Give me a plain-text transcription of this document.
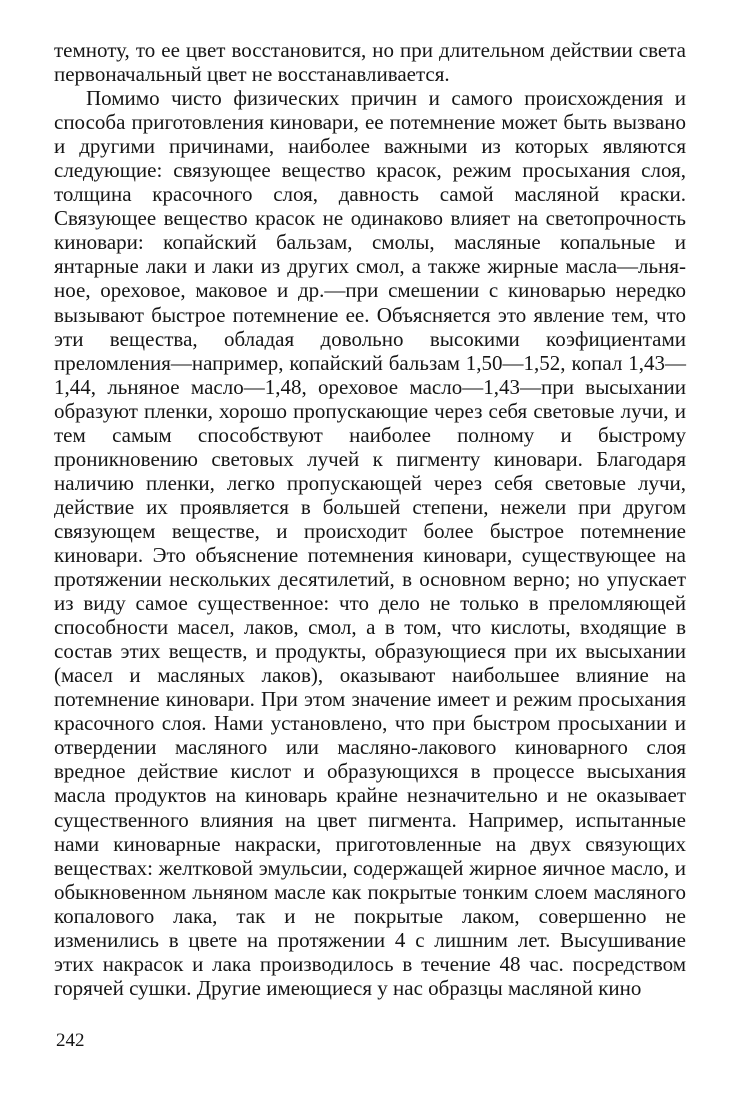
темноту, то ее цвет восстановится, но при длительном действии света первоначальный цвет не восстанавливается.

Помимо чисто физических причин и самого происхождения и способа приготовления киновари, ее потемнение может быть вызвано и другими причинами, наиболее важными из которых являются следующие: связующее вещество красок, режим просыхания слоя, толщина красочного слоя, давность самой масляной краски. Связующее вещество красок не одинаково влияет на светопрочность киновари: копайский бальзам, смолы, масляные копальные и янтарные лаки и лаки из других смол, а также жирные масла—льняное, ореховое, маковое и др.—при смешении с киноварью нередко вызывают быстрое потемнение ее. Объясняется это явление тем, что эти вещества, обладая довольно высокими коэфициентами преломления—например, копайский бальзам 1,50—1,52, копал 1,43—1,44, льняное масло—1,48, ореховое масло—1,43—при высыхании образуют пленки, хорошо пропускающие через себя световые лучи, и тем самым способствуют наиболее полному и быстрому проникновению световых лучей к пигменту киновари. Благодаря наличию пленки, легко пропускающей через себя световые лучи, действие их проявляется в большей степени, нежели при другом связующем веществе, и происходит более быстрое потемнение киновари. Это объяснение потемнения киновари, существующее на протяжении нескольких десятилетий, в основном верно; но упускает из виду самое существенное: что дело не только в преломляющей способности масел, лаков, смол, а в том, что кислоты, входящие в состав этих веществ, и продукты, образующиеся при их высыхании (масел и масляных лаков), оказывают наибольшее влияние на потемнение киновари. При этом значение имеет и режим просыхания красочного слоя. Нами установлено, что при быстром просыхании и отвердении масляного или масляно-лакового киноварного слоя вредное действие кислот и образующихся в процессе высыхания масла продуктов на киноварь крайне незначительно и не оказывает существенного влияния на цвет пигмента. Например, испытанные нами киноварные накраски, приготовленные на двух связующих веществах: желтковой эмульсии, содержащей жирное яичное масло, и обыкновенном льняном масле как покрытые тонким слоем масляного копалового лака, так и не покрытые лаком, совершенно не изменились в цвете на протяжении 4 с лишним лет. Высушивание этих накрасок и лака производилось в течение 48 час. посредством горячей сушки. Другие имеющиеся у нас образцы масляной кино

242
